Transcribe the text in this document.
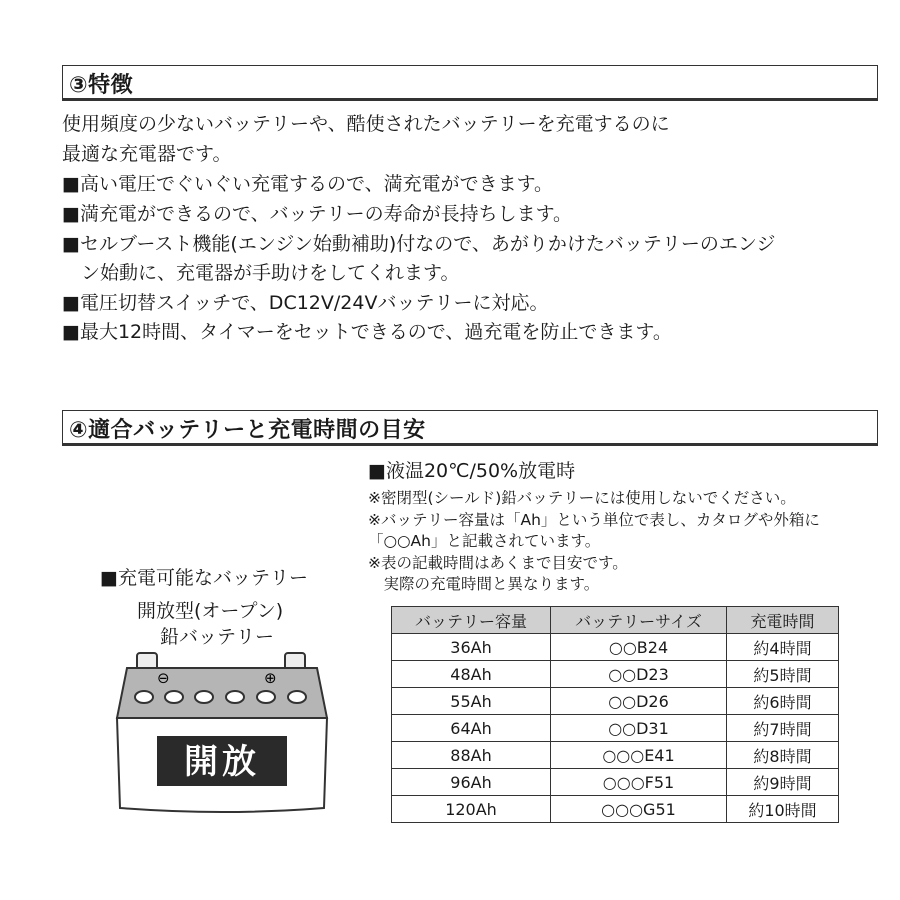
③特徴
使用頻度の少ないバッテリーや、酷使されたバッテリーを充電するのに
最適な充電器です。
■高い電圧でぐいぐい充電するので、満充電ができます。
■満充電ができるので、バッテリーの寿命が長持ちします。
■セルブースト機能(エンジン始動補助)付なので、あがりかけたバッテリーのエンジ
　ン始動に、充電器が手助けをしてくれます。
■電圧切替スイッチで、DC12V/24Vバッテリーに対応。
■最大12時間、タイマーをセットできるので、過充電を防止できます。
④適合バッテリーと充電時間の目安
■液温20℃/50%放電時
※密閉型(シールド)鉛バッテリーには使用しないでください。
※バッテリー容量は「Ah」という単位で表し、カタログや外箱に
「○○Ah」と記載されています。
※表の記載時間はあくまで目安です。
　実際の充電時間と異なります。
■充電可能なバッテリー
開放型(オープン)
鉛バッテリー
⊖	⊕
開放
バッテリー容量	バッテリーサイズ	充電時間
36Ah	○○B24	約4時間
48Ah	○○D23	約5時間
55Ah	○○D26	約6時間
64Ah	○○D31	約7時間
88Ah	○○○E41	約8時間
96Ah	○○○F51	約9時間
120Ah	○○○G51	約10時間
